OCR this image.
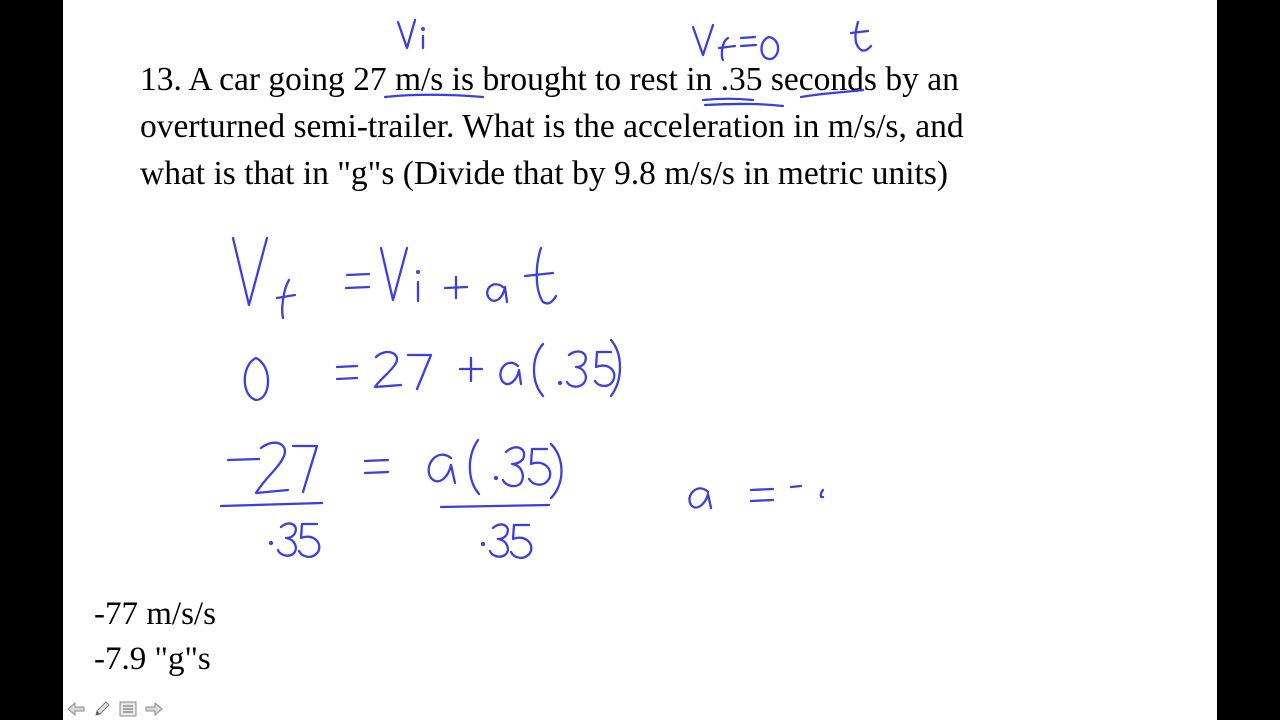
13. A car going 27 m/s is brought to rest in .35 seconds by an
overturned semi-trailer. What is the acceleration in m/s/s, and
what is that in "g"s (Divide that by 9.8 m/s/s in metric units)
-77 m/s/s
-7.9 "g"s
